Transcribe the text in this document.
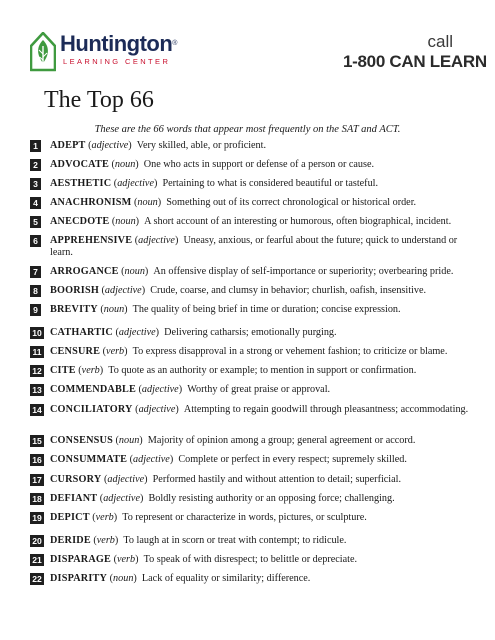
Huntington®
LEARNING CENTER
call
1-800 CAN LEARN
The Top 66
These are the 66 words that appear most frequently on the SAT and ACT.
1	ADEPT (adjective) Very skilled, able, or proficient.
2	ADVOCATE (noun) One who acts in support or defense of a person or cause.
3	AESTHETIC (adjective) Pertaining to what is considered beautiful or tasteful.
4	ANACHRONISM (noun) Something out of its correct chronological or historical order.
5	ANECDOTE (noun) A short account of an interesting or humorous, often biographical, incident.
6	APPREHENSIVE (adjective) Uneasy, anxious, or fearful about the future; quick to understand or learn.
7	ARROGANCE (noun) An offensive display of self-importance or superiority; overbearing pride.
8	BOORISH (adjective) Crude, coarse, and clumsy in behavior; churlish, oafish, insensitive.
9	BREVITY (noun) The quality of being brief in time or duration; concise expression.
10 CATHARTIC (adjective) Delivering catharsis; emotionally purging.
11 CENSURE (verb) To express disapproval in a strong or vehement fashion; to criticize or blame.
12 CITE (verb) To quote as an authority or example; to mention in support or confirmation.
13 COMMENDABLE (adjective) Worthy of great praise or approval.
14 CONCILIATORY (adjective) Attempting to regain goodwill through pleasantness; accommodating.
15 CONSENSUS (noun) Majority of opinion among a group; general agreement or accord.
16 CONSUMMATE (adjective) Complete or perfect in every respect; supremely skilled.
17 CURSORY (adjective) Performed hastily and without attention to detail; superficial.
18 DEFIANT (adjective) Boldly resisting authority or an opposing force; challenging.
19 DEPICT (verb) To represent or characterize in words, pictures, or sculpture.
20 DERIDE (verb) To laugh at in scorn or treat with contempt; to ridicule.
21 DISPARAGE (verb) To speak of with disrespect; to belittle or depreciate.
22 DISPARITY (noun) Lack of equality or similarity; difference.
